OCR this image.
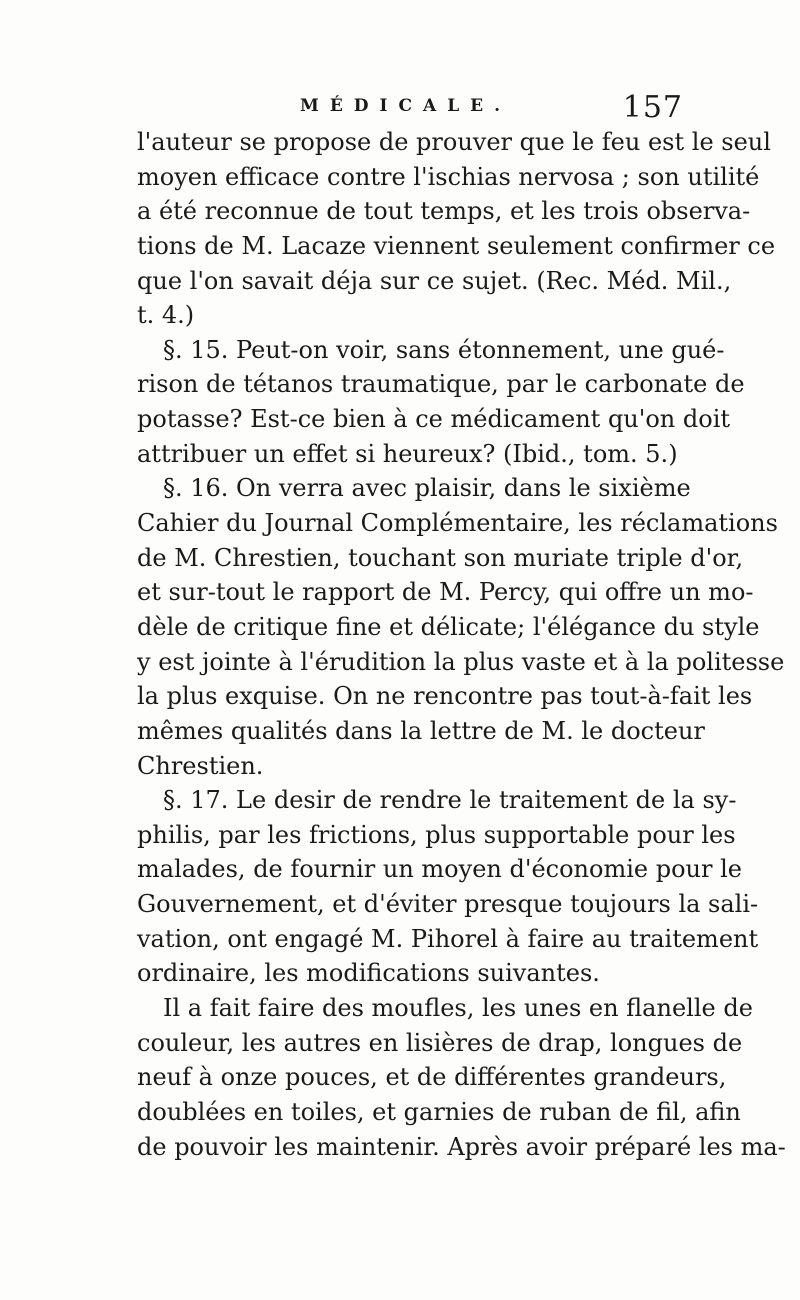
MÉDICALE.	157
l'auteur se propose de prouver que le feu est le seul
moyen efficace contre l'ischias nervosa ; son utilité
a été reconnue de tout temps, et les trois observa-
tions de M. Lacaze viennent seulement confirmer ce
que l'on savait déja sur ce sujet. (Rec. Méd. Mil.,
t. 4.)
§. 15. Peut-on voir, sans étonnement, une gué-
rison de tétanos traumatique, par le carbonate de
potasse? Est-ce bien à ce médicament qu'on doit
attribuer un effet si heureux? (Ibid., tom. 5.)
§. 16. On verra avec plaisir, dans le sixième
Cahier du Journal Complémentaire, les réclamations
de M. Chrestien, touchant son muriate triple d'or,
et sur-tout le rapport de M. Percy, qui offre un mo-
dèle de critique fine et délicate; l'élégance du style
y est jointe à l'érudition la plus vaste et à la politesse
la plus exquise. On ne rencontre pas tout-à-fait les
mêmes qualités dans la lettre de M. le docteur
Chrestien.
§. 17. Le desir de rendre le traitement de la sy-
philis, par les frictions, plus supportable pour les
malades, de fournir un moyen d'économie pour le
Gouvernement, et d'éviter presque toujours la sali-
vation, ont engagé M. Pihorel à faire au traitement
ordinaire, les modifications suivantes.
Il a fait faire des moufles, les unes en flanelle de
couleur, les autres en lisières de drap, longues de
neuf à onze pouces, et de différentes grandeurs,
doublées en toiles, et garnies de ruban de fil, afin
de pouvoir les maintenir. Après avoir préparé les ma-
